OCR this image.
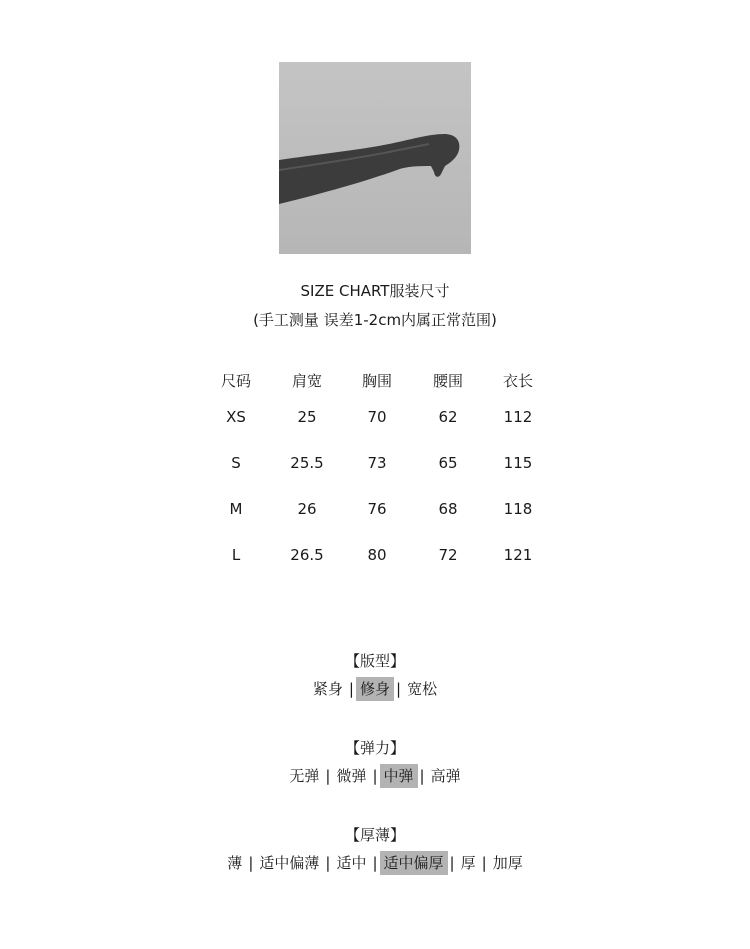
SIZE CHART服装尺寸
(手工测量 误差1-2cm内属正常范围)
尺码	肩宽	胸围	腰围	衣长
XS	25	70	62	112
S	25.5	73	65	115
M	26	76	68	118
L	26.5	80	72	121
【版型】
紧身 | 修身 | 宽松
【弹力】
无弹 | 微弹 | 中弹 | 高弹
【厚薄】
薄 | 适中偏薄 | 适中 | 适中偏厚 | 厚 | 加厚
